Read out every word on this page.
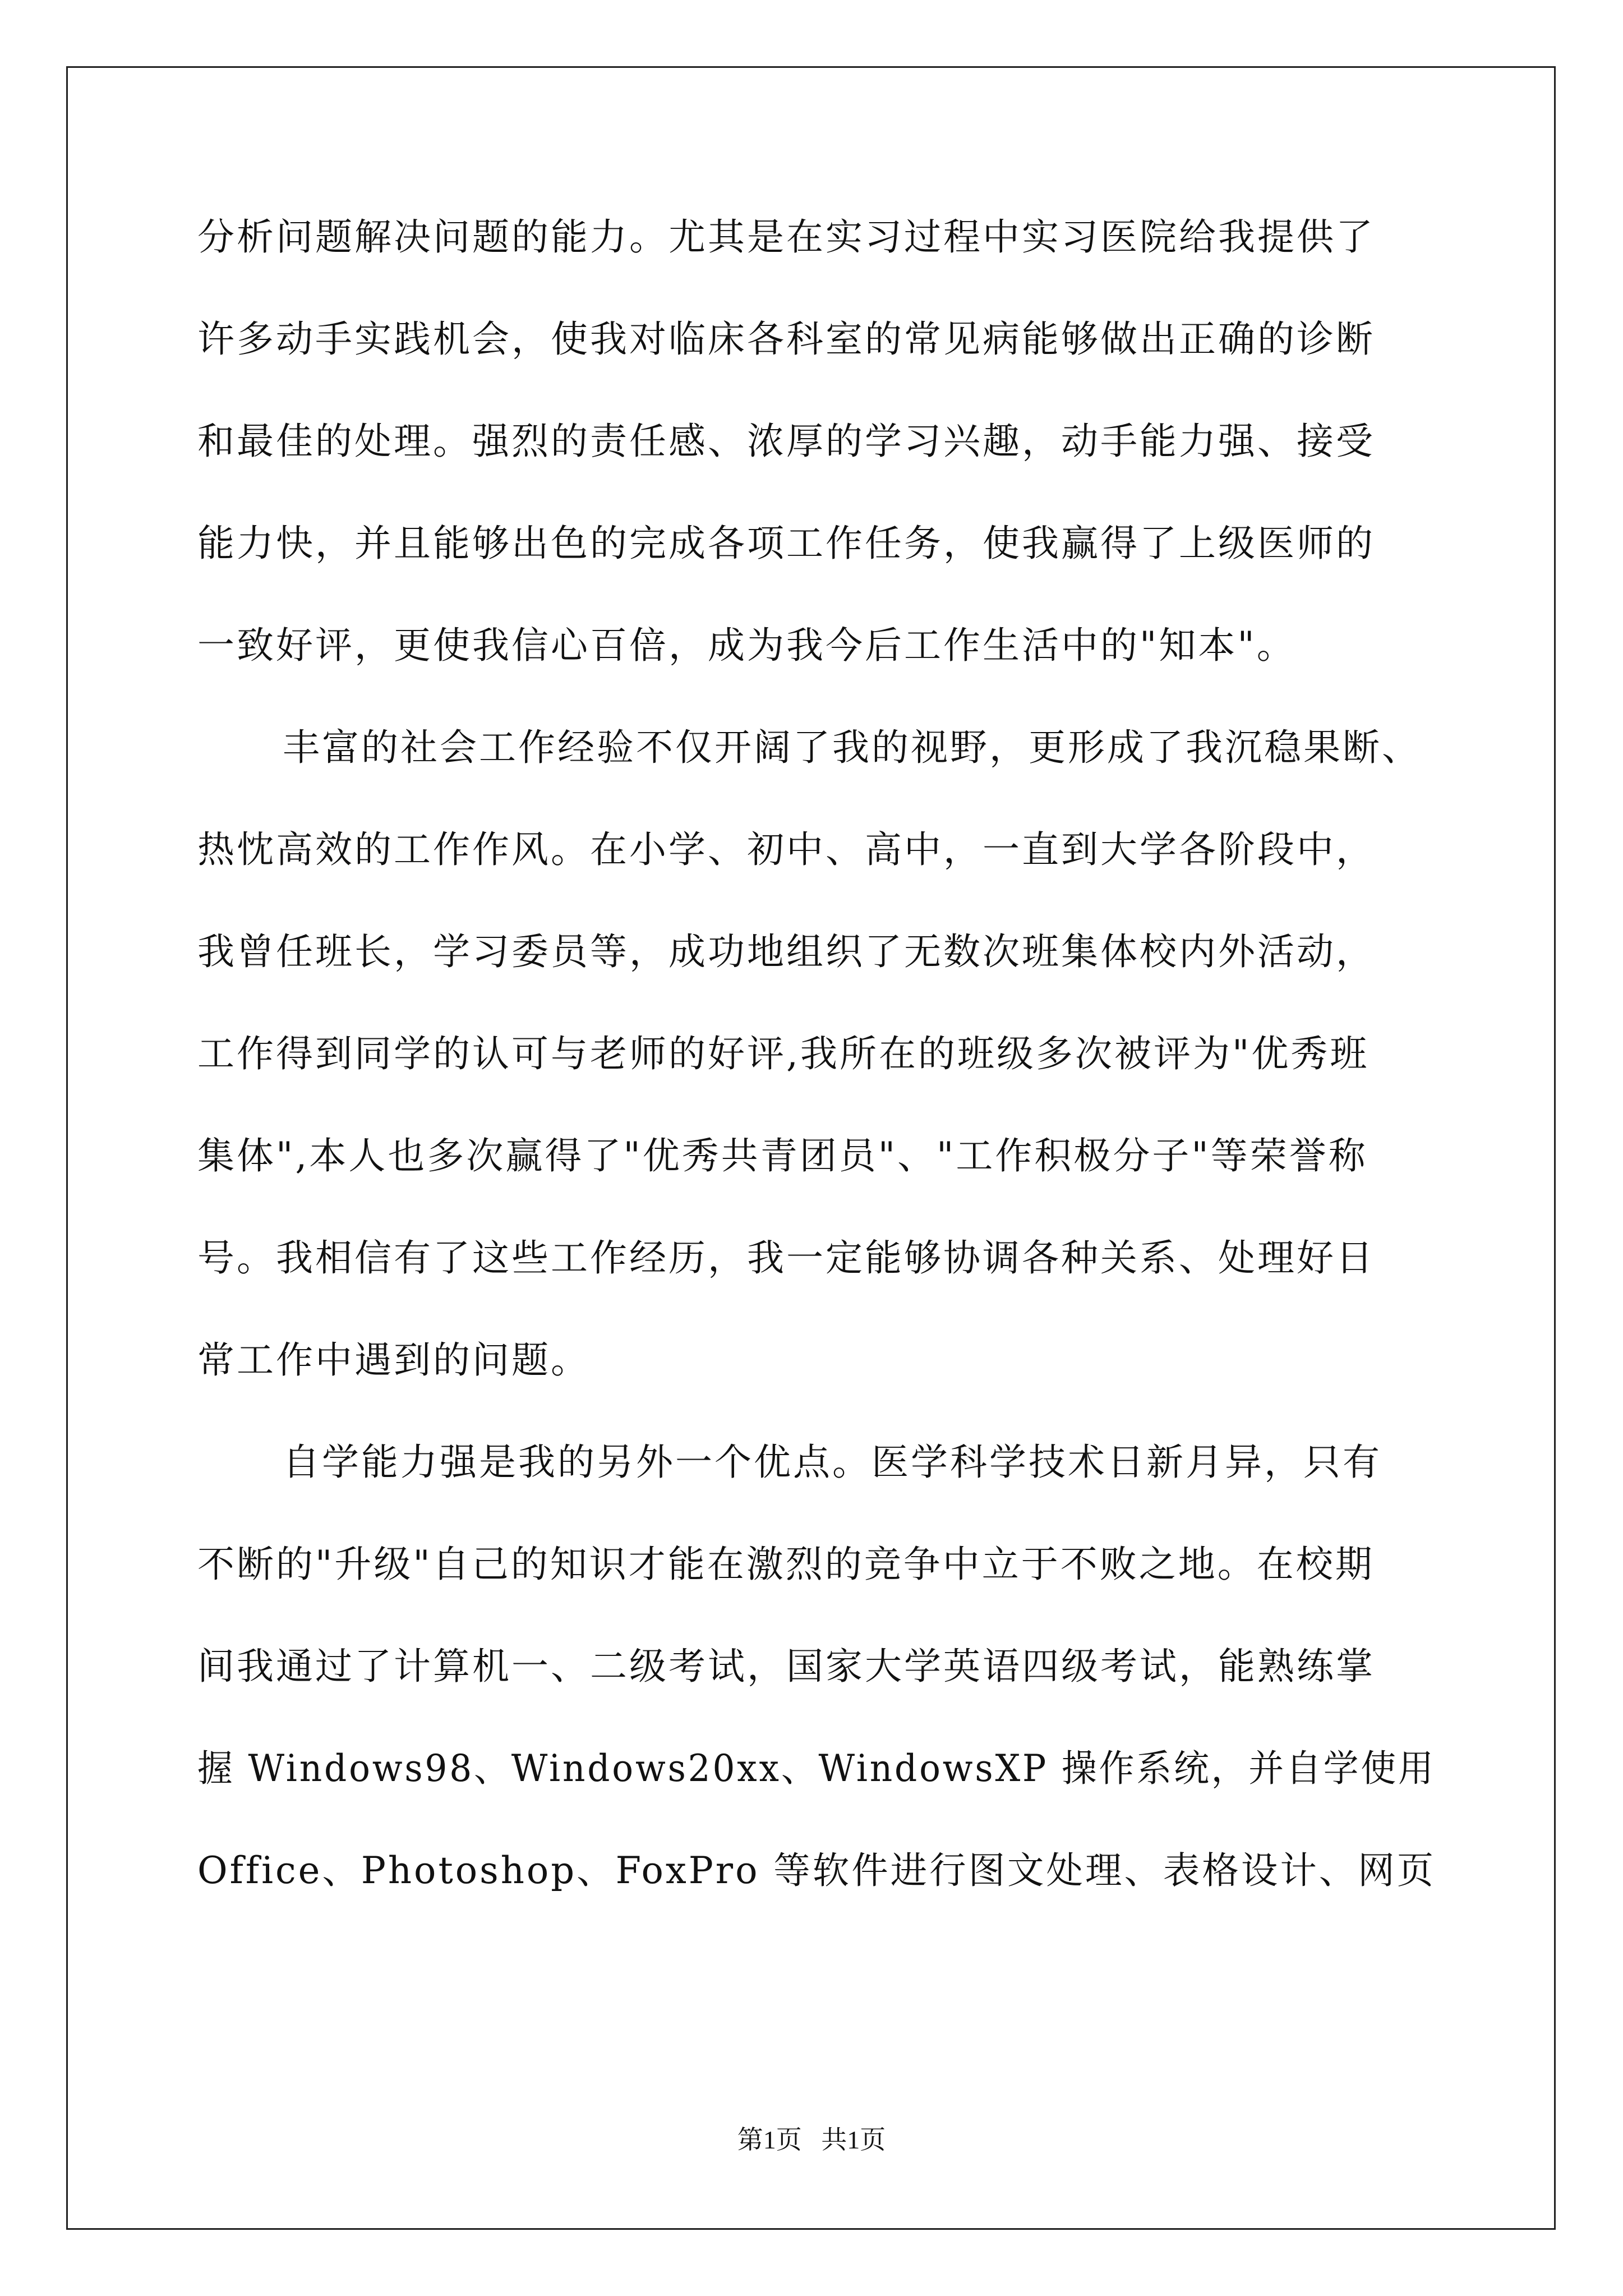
分析问题解决问题的能力。尤其是在实习过程中实习医院给我提供了
许多动手实践机会，使我对临床各科室的常见病能够做出正确的诊断
和最佳的处理。强烈的责任感、浓厚的学习兴趣，动手能力强、接受
能力快，并且能够出色的完成各项工作任务，使我赢得了上级医师的
一致好评，更使我信心百倍，成为我今后工作生活中的"知本"。
丰富的社会工作经验不仅开阔了我的视野，更形成了我沉稳果断、
热忱高效的工作作风。在小学、初中、高中，一直到大学各阶段中，
我曾任班长，学习委员等，成功地组织了无数次班集体校内外活动，
工作得到同学的认可与老师的好评,我所在的班级多次被评为"优秀班
集体",本人也多次赢得了"优秀共青团员"、"工作积极分子"等荣誉称
号。我相信有了这些工作经历，我一定能够协调各种关系、处理好日
常工作中遇到的问题。
自学能力强是我的另外一个优点。医学科学技术日新月异，只有
不断的"升级"自己的知识才能在激烈的竞争中立于不败之地。在校期
间我通过了计算机一、二级考试，国家大学英语四级考试，能熟练掌
握 Windows98、Windows20xx、WindowsXP 操作系统，并自学使用
Office、Photoshop、FoxPro 等软件进行图文处理、表格设计、网页
第1页   共1页
